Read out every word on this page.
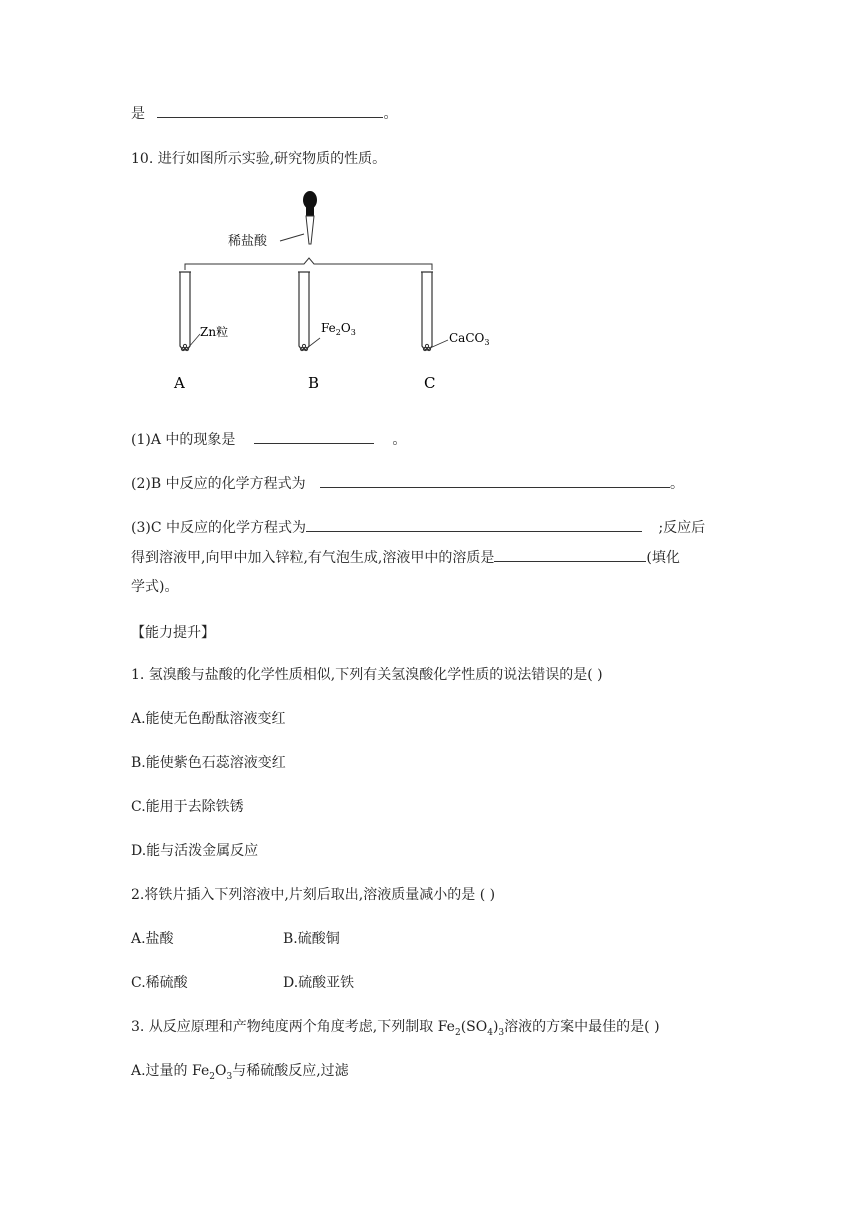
是	。
10. 进行如图所示实验,研究物质的性质。
稀盐酸
Zn粒
A
$Fe_2O_3$
B
CaCO$_3$
C
(1)A 中的现象是	。
(2)B 中反应的化学方程式为	。
(3)C 中反应的化学方程式为	;反应后
得到溶液甲,向甲中加入锌粒,有气泡生成,溶液甲中的溶质是	(填化
学式)。
【能力提升】
1. 氢溴酸与盐酸的化学性质相似,下列有关氢溴酸化学性质的说法错误的是( )
A.能使无色酚酞溶液变红
B.能使紫色石蕊溶液变红
C.能用于去除铁锈
D.能与活泼金属反应
2.将铁片插入下列溶液中,片刻后取出,溶液质量减小的是 ( )
A.盐酸	B.硫酸铜
C.稀硫酸	D.硫酸亚铁
3. 从反应原理和产物纯度两个角度考虑,下列制取 $Fe_2(SO_4)_3$溶液的方案中最佳的是( )
A.过量的 $Fe_2O_3$与稀硫酸反应,过滤
